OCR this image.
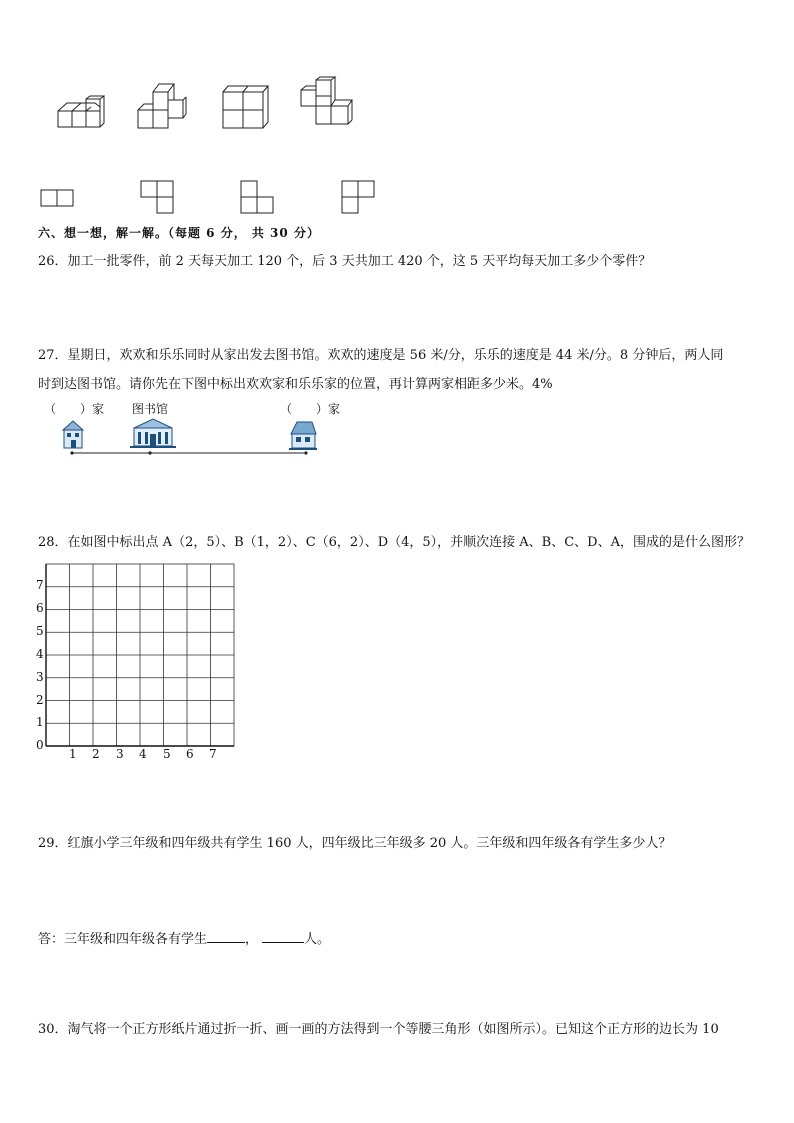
六、想一想，解一解。（每题 6 分， 共 30 分）
26．加工一批零件，前 2 天每天加工 120 个，后 3 天共加工 420 个，这 5 天平均每天加工多少个零件？
27．星期日，欢欢和乐乐同时从家出发去图书馆。欢欢的速度是 56 米/分，乐乐的速度是 44 米/分。8 分钟后，两人同
时到达图书馆。请你先在下图中标出欢欢家和乐乐家的位置，再计算两家相距多少米。4%
（　　）家 图书馆	（　　）家
28．在如图中标出点 A（2，5）、B（1，2）、C（6，2）、D（4，5），并顺次连接 A、B、C、D、A，围成的是什么图形？
7
6
5
4
3
2
1
0
1 2 3 4 5 6 7
29．红旗小学三年级和四年级共有学生 160 人，四年级比三年级多 20 人。三年级和四年级各有学生多少人？
答：三年级和四年级各有学生	，	人。
30．淘气将一个正方形纸片通过折一折、画一画的方法得到一个等腰三角形（如图所示）。已知这个正方形的边长为 10
